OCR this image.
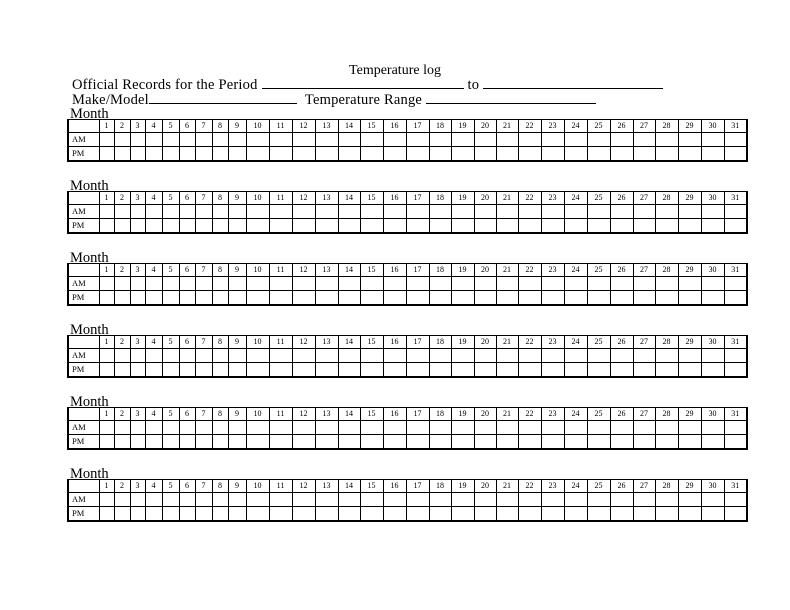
Temperature log
Official Records for the Period	to
Make/Model	Temperature Range
Month
	1	2	3	4	5	6	7	8	9	10	11	12	13	14	15	16	17	18	19	20	21	22	23	24	25	26	27	28	29	30	31
AM																															
PM																															
Month
	1	2	3	4	5	6	7	8	9	10	11	12	13	14	15	16	17	18	19	20	21	22	23	24	25	26	27	28	29	30	31
AM																															
PM																															
Month
	1	2	3	4	5	6	7	8	9	10	11	12	13	14	15	16	17	18	19	20	21	22	23	24	25	26	27	28	29	30	31
AM																															
PM																															
Month
	1	2	3	4	5	6	7	8	9	10	11	12	13	14	15	16	17	18	19	20	21	22	23	24	25	26	27	28	29	30	31
AM																															
PM																															
Month
	1	2	3	4	5	6	7	8	9	10	11	12	13	14	15	16	17	18	19	20	21	22	23	24	25	26	27	28	29	30	31
AM																															
PM																															
Month
	1	2	3	4	5	6	7	8	9	10	11	12	13	14	15	16	17	18	19	20	21	22	23	24	25	26	27	28	29	30	31
AM																															
PM																															
